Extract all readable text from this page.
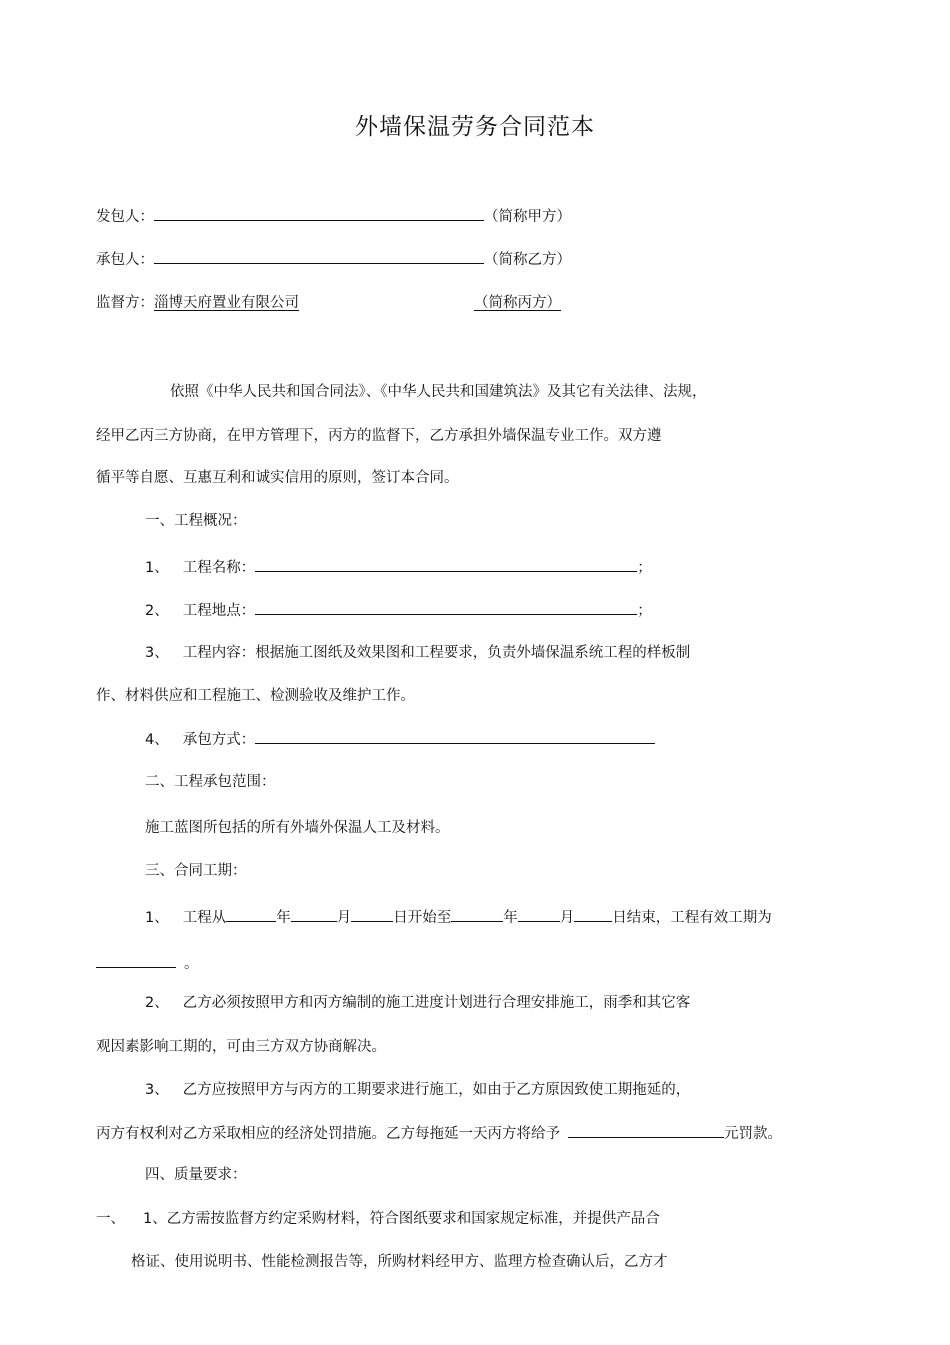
外墙保温劳务合同范本
发包人：	（简称甲方）
承包人：	（简称乙方）
监督方：淄博天府置业有限公司	（简称丙方）
依照《中华人民共和国合同法》、《中华人民共和国建筑法》及其它有关法律、法规，
经甲乙丙三方协商，在甲方管理下，丙方的监督下，乙方承担外墙保温专业工作。双方遵
循平等自愿、互惠互利和诚实信用的原则，签订本合同。
一、工程概况：
1、 工程名称：	；
2、 工程地点：	；
3、 工程内容：根据施工图纸及效果图和工程要求，负责外墙保温系统工程的样板制
作、材料供应和工程施工、检测验收及维护工作。
4、 承包方式：
二、工程承包范围：
施工蓝图所包括的所有外墙外保温人工及材料。
三、合同工期：
1、 工程从	年	月	日开始至	年	月	日结束，工程有效工期为
。
2、 乙方必须按照甲方和丙方编制的施工进度计划进行合理安排施工，雨季和其它客
观因素影响工期的，可由三方双方协商解决。
3、 乙方应按照甲方与丙方的工期要求进行施工，如由于乙方原因致使工期拖延的，
丙方有权利对乙方采取相应的经济处罚措施。乙方每拖延一天丙方将给予	元罚款。
四、质量要求：
一、 1、乙方需按监督方约定采购材料，符合图纸要求和国家规定标准，并提供产品合
格证、使用说明书、性能检测报告等，所购材料经甲方、监理方检查确认后，乙方才
